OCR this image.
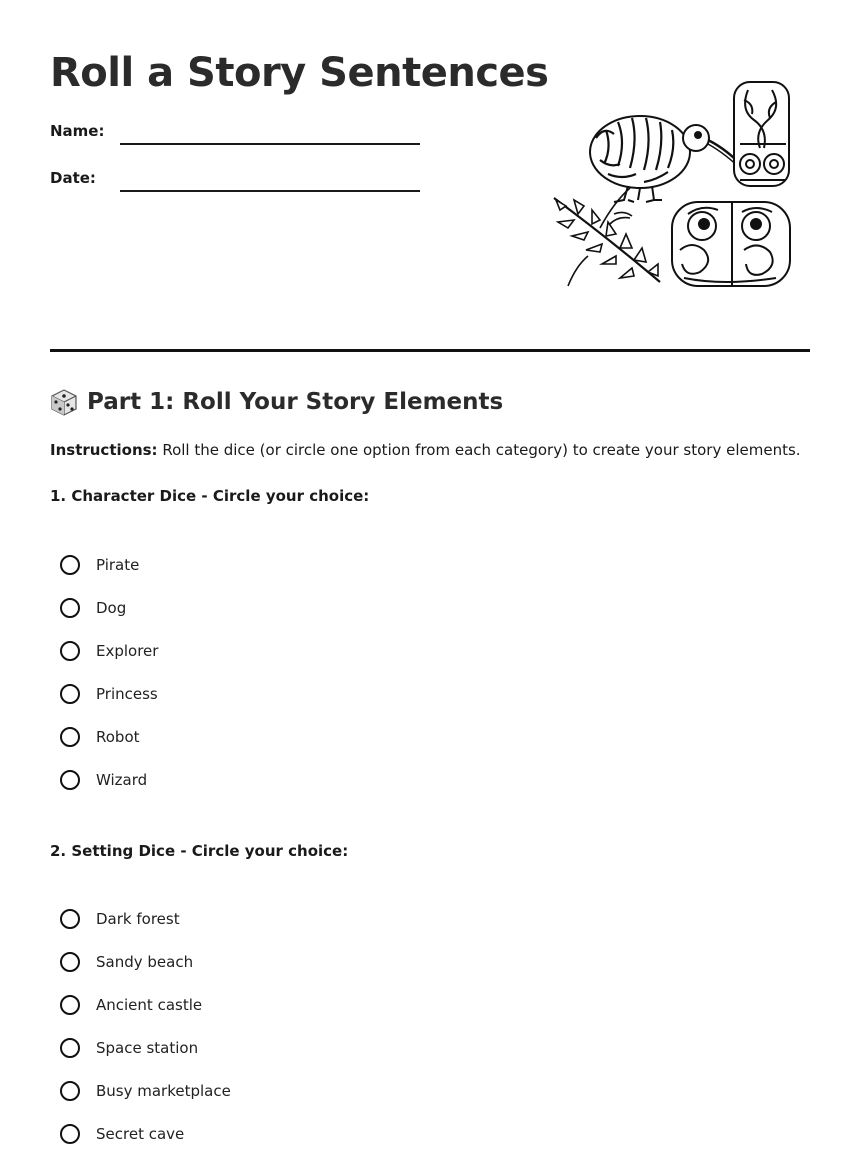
Roll a Story Sentences
Name:
Date:
Part 1: Roll Your Story Elements
Instructions: Roll the dice (or circle one option from each category) to create your story elements.
1. Character Dice - Circle your choice:
Pirate
Dog
Explorer
Princess
Robot
Wizard
2. Setting Dice - Circle your choice:
Dark forest
Sandy beach
Ancient castle
Space station
Busy marketplace
Secret cave
